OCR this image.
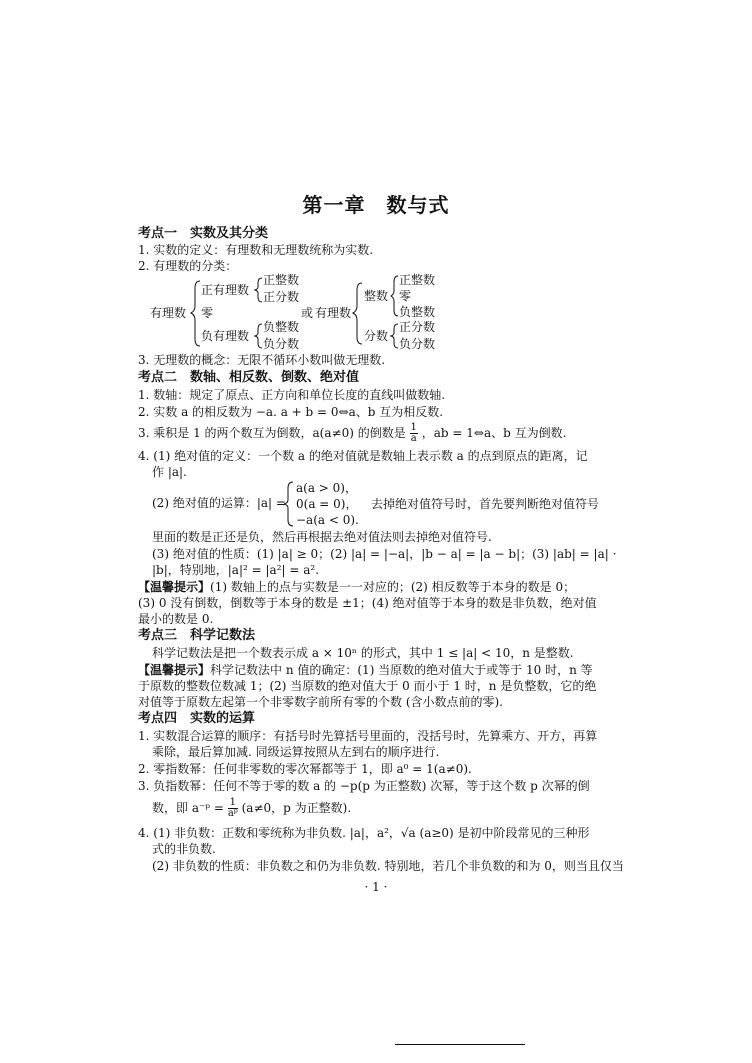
第一章　数与式
考点一　实数及其分类
1. 实数的定义：有理数和无理数统称为实数.
2. 有理数的分类：
有理数
正有理数
正整数
正分数
零
负有理数
负整数
负分数
或 有理数
整数
正整数
零
负整数
分数
正分数
负分数
3. 无理数的概念：无限不循环小数叫做无理数.
考点二　数轴、相反数、倒数、绝对值
1. 数轴：规定了原点、正方向和单位长度的直线叫做数轴.
2. 实数 a 的相反数为 −a. a + b = 0⇔a、b 互为相反数.
3. 乘积是 1 的两个数互为倒数，a(a≠0) 的倒数是 $\frac{1}{a}$ ，ab = 1⇔a、b 互为倒数.
4. (1) 绝对值的定义：一个数 a 的绝对值就是数轴上表示数 a 的点到原点的距离，记
作 |a|.
(2) 绝对值的运算：|a| =
a(a > 0)，
0(a = 0)，
−a(a < 0).
去掉绝对值符号时，首先要判断绝对值符号
里面的数是正还是负，然后再根据去绝对值法则去掉绝对值符号.
(3) 绝对值的性质：(1) |a| ≥ 0；(2) |a| = |−a|，|b − a| = |a − b|；(3) |ab| = |a| ·
|b|，特别地，|a|² = |a²| = a².
【温馨提示】(1) 数轴上的点与实数是一一对应的；(2) 相反数等于本身的数是 0；
(3) 0 没有倒数，倒数等于本身的数是 ±1；(4) 绝对值等于本身的数是非负数，绝对值
最小的数是 0.
考点三　科学记数法
科学记数法是把一个数表示成 a × 10ⁿ 的形式，其中 1 ≤ |a| < 10，n 是整数.
【温馨提示】科学记数法中 n 值的确定：(1) 当原数的绝对值大于或等于 10 时，n 等
于原数的整数位数减 1；(2) 当原数的绝对值大于 0 而小于 1 时，n 是负整数，它的绝
对值等于原数左起第一个非零数字前所有零的个数 (含小数点前的零).
考点四　实数的运算
1. 实数混合运算的顺序：有括号时先算括号里面的，没括号时，先算乘方、开方，再算
乘除，最后算加减. 同级运算按照从左到右的顺序进行.
2. 零指数幂：任何非零数的零次幂都等于 1，即 a⁰ = 1(a≠0).
3. 负指数幂：任何不等于零的数 a 的 −p(p 为正整数) 次幂，等于这个数 p 次幂的倒
数，即 a⁻ᵖ = $\frac{1}{\text{aᵖ}} (a\ne 0$，p 为正整数).
4. (1) 非负数：正数和零统称为非负数. |a|，a²，√a (a≥0) 是初中阶段常见的三种形
式的非负数.
(2) 非负数的性质：非负数之和仍为非负数. 特别地，若几个非负数的和为 0，则当且仅当
· 1 ·
